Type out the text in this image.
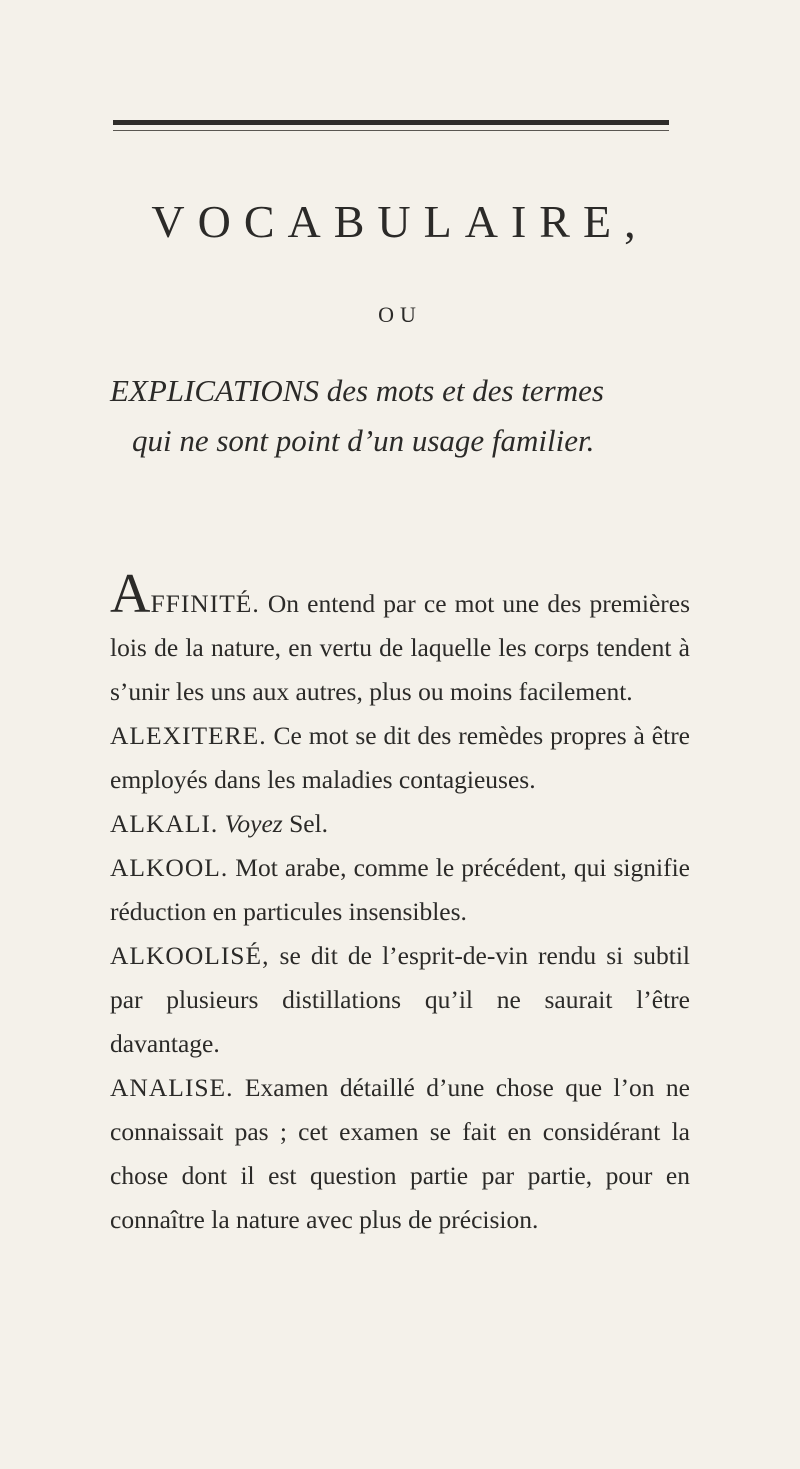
VOCABULAIRE,
OU
EXPLICATIONS des mots et des termes
qui ne sont point d’un usage familier.

AFFINITÉ. On entend par ce mot une des premières lois de la nature, en vertu de laquelle les corps tendent à s’unir les uns aux autres, plus ou moins facilement.

ALEXITERE. Ce mot se dit des remèdes propres à être employés dans les maladies contagieuses.

ALKALI. Voyez Sel.

ALKOOL. Mot arabe, comme le précédent, qui signifie réduction en particules insensibles.

ALKOOLISÉ, se dit de l’esprit-de-vin rendu si subtil par plusieurs distillations qu’il ne saurait l’être davantage.

ANALISE. Examen détaillé d’une chose que l’on ne connaissait pas ; cet examen se fait en considérant la chose dont il est question partie par partie, pour en connaître la nature avec plus de précision.
